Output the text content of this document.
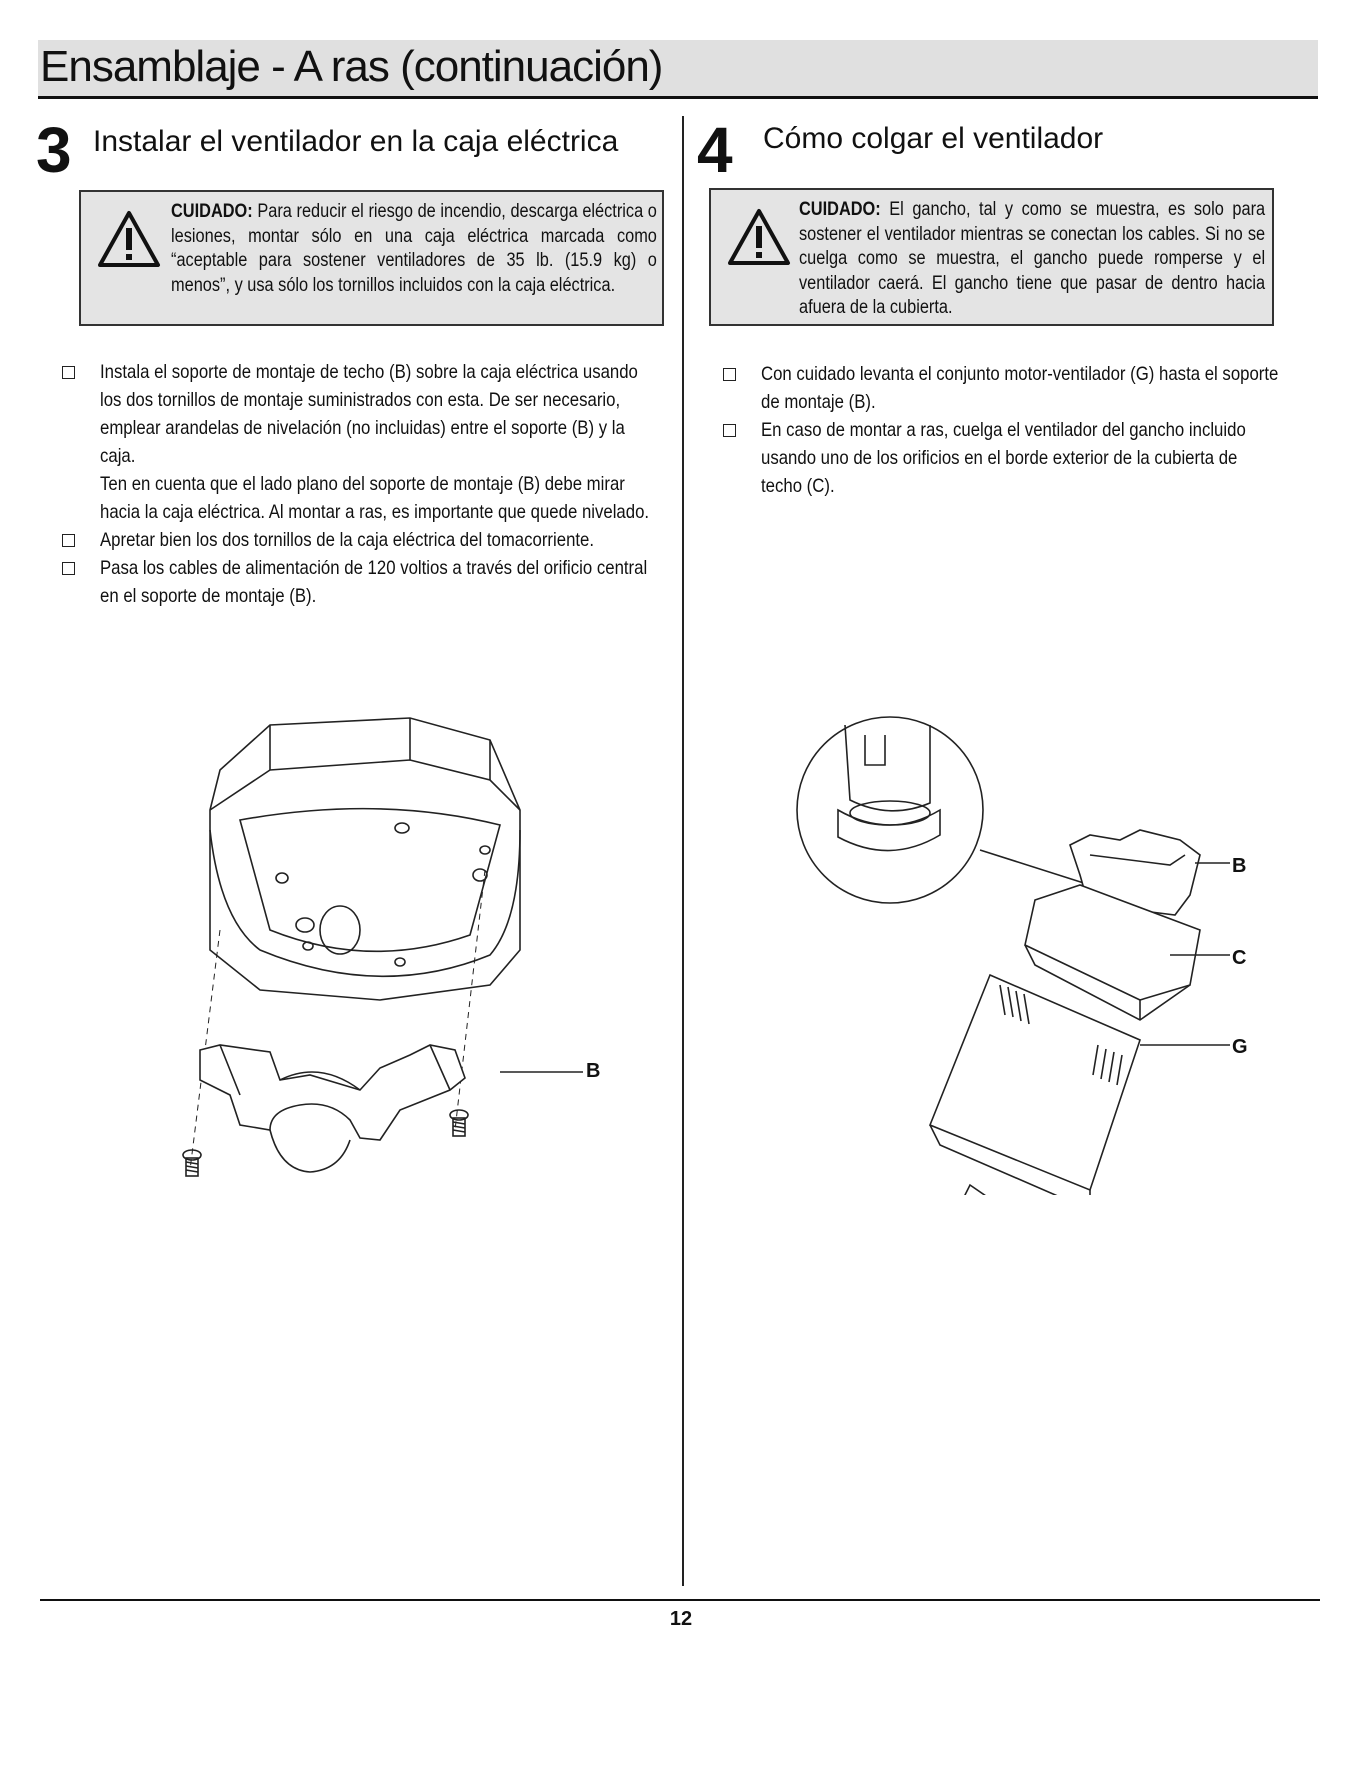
Ensamblaje - A ras (continuación)
3 Instalar el ventilador en la caja eléctrica

CUIDADO: Para reducir el riesgo de incendio, descarga eléctrica o lesiones, montar sólo en una caja eléctrica marcada como “aceptable para sostener ventiladores de 35 lb. (15.9 kg) o menos”, y usa sólo los tornillos incluidos con la caja eléctrica.

Instala el soporte de montaje de techo (B) sobre la caja eléctrica usando los dos tornillos de montaje suministrados con esta. De ser necesario, emplear arandelas de nivelación (no incluidas) entre el soporte (B) y la caja.
Ten en cuenta que el lado plano del soporte de montaje (B) debe mirar hacia la caja eléctrica. Al montar a ras, es importante que quede nivelado.
Apretar bien los dos tornillos de la caja eléctrica del tomacorriente.
Pasa los cables de alimentación de 120 voltios a través del orificio central en el soporte de montaje (B).
B
4 Cómo colgar el ventilador

CUIDADO: El gancho, tal y como se muestra, es solo para sostener el ventilador mientras se conectan los cables. Si no se cuelga como se muestra, el gancho puede romperse y el ventilador caerá. El gancho tiene que pasar de dentro hacia afuera de la cubierta.

Con cuidado levanta el conjunto motor-ventilador (G) hasta el soporte de montaje (B).
En caso de montar a ras, cuelga el ventilador del gancho incluido usando uno de los orificios en el borde exterior de la cubierta de techo (C).
B
C
G
12
